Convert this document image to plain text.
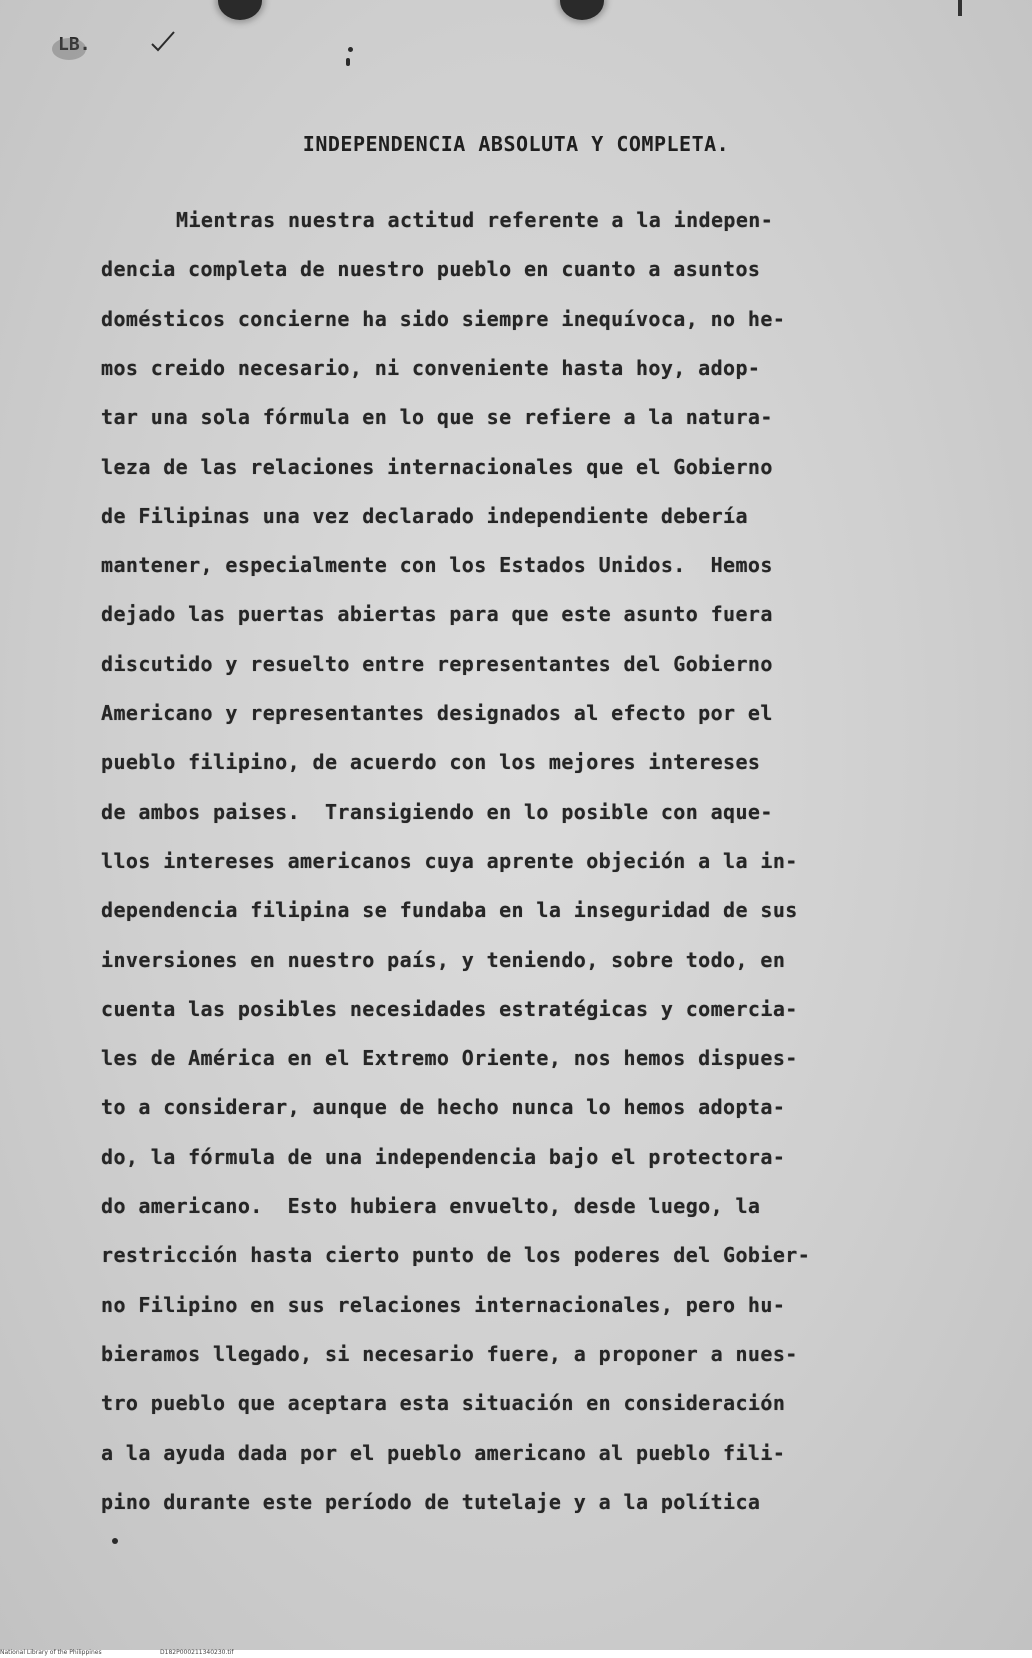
LB.
INDEPENDENCIA ABSOLUTA Y COMPLETA.
Mientras nuestra actitud referente a la indepen-
dencia completa de nuestro pueblo en cuanto a asuntos
domésticos concierne ha sido siempre inequívoca, no he-
mos creido necesario, ni conveniente hasta hoy, adop-
tar una sola fórmula en lo que se refiere a la natura-
leza de las relaciones internacionales que el Gobierno
de Filipinas una vez declarado independiente debería
mantener, especialmente con los Estados Unidos.  Hemos
dejado las puertas abiertas para que este asunto fuera
discutido y resuelto entre representantes del Gobierno
Americano y representantes designados al efecto por el
pueblo filipino, de acuerdo con los mejores intereses
de ambos paises.  Transigiendo en lo posible con aque-
llos intereses americanos cuya aprente objeción a la in-
dependencia filipina se fundaba en la inseguridad de sus
inversiones en nuestro país, y teniendo, sobre todo, en
cuenta las posibles necesidades estratégicas y comercia-
les de América en el Extremo Oriente, nos hemos dispues-
to a considerar, aunque de hecho nunca lo hemos adopta-
do, la fórmula de una independencia bajo el protectora-
do americano.  Esto hubiera envuelto, desde luego, la
restricción hasta cierto punto de los poderes del Gobier-
no Filipino en sus relaciones internacionales, pero hu-
bieramos llegado, si necesario fuere, a proponer a nues-
tro pueblo que aceptara esta situación en consideración
a la ayuda dada por el pueblo americano al pueblo fili-
pino durante este período de tutelaje y a la política
National Library of the Philippines	D182P000211340230.tif
